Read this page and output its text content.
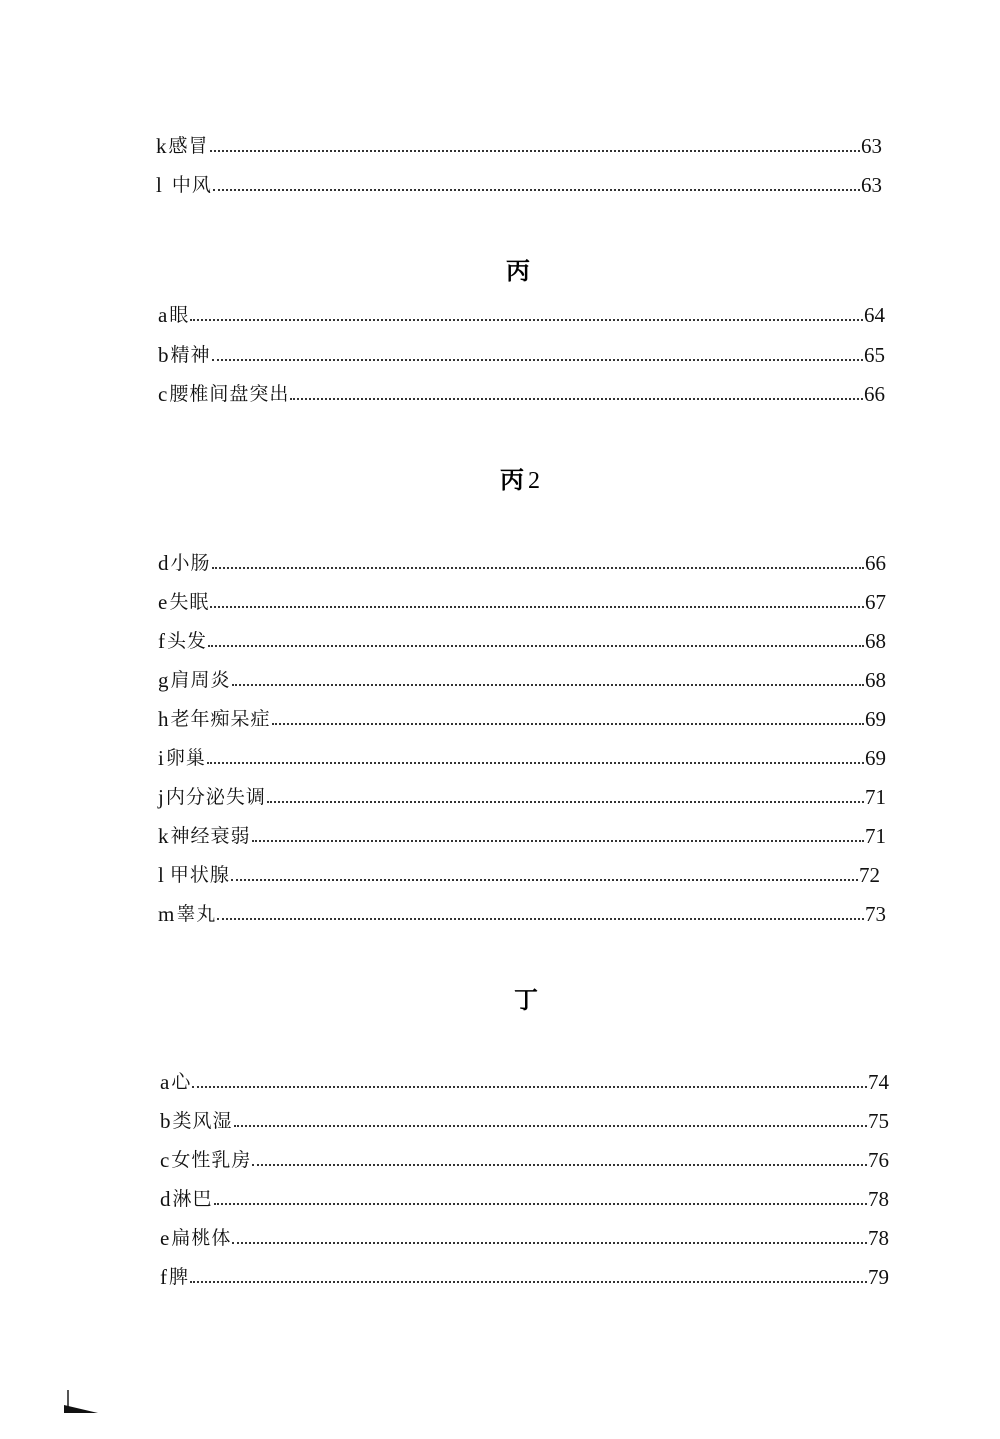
k 感冒	63
l 中风	63
丙
a 眼	64
b 精神	65
c 腰椎间盘突出	66
丙 2
d 小肠	66
e 失眠	67
f 头发	68
g 肩周炎	68
h 老年痴呆症	69
i 卵巢	69
j 内分泌失调	71
k 神经衰弱	71
l 甲状腺	72
m 睾丸	73
丁
a 心	74
b 类风湿	75
c 女性乳房	76
d 淋巴	78
e 扁桃体	78
f 脾	79
